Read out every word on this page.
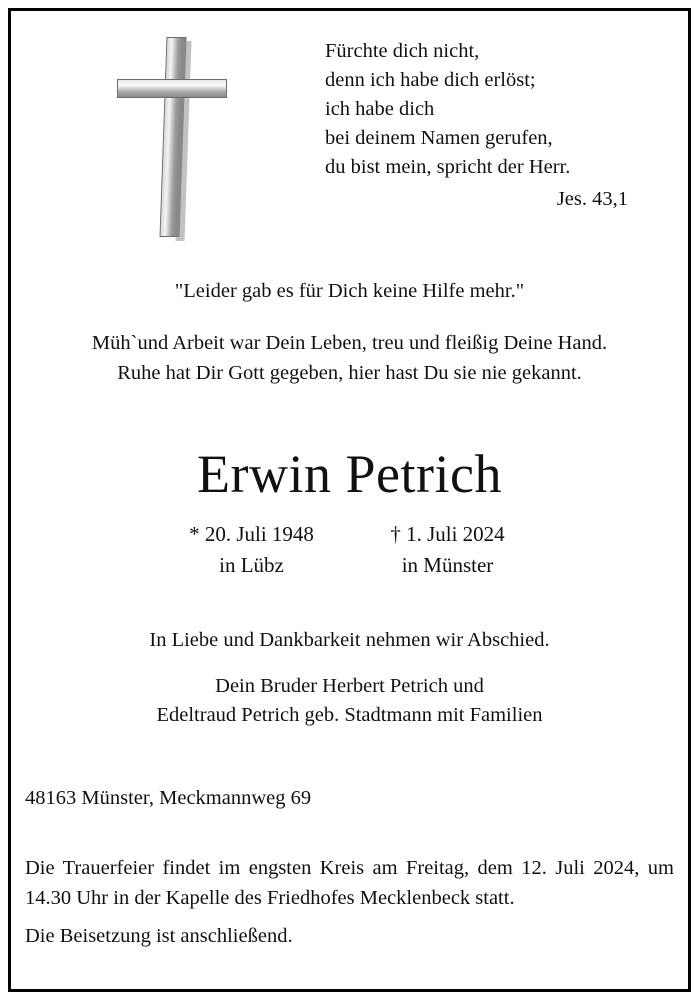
Fürchte dich nicht,
denn ich habe dich erlöst;
ich habe dich
bei deinem Namen gerufen,
du bist mein, spricht der Herr.
Jes. 43,1
"Leider gab es für Dich keine Hilfe mehr."
Müh`und Arbeit war Dein Leben, treu und fleißig Deine Hand.
Ruhe hat Dir Gott gegeben, hier hast Du sie nie gekannt.
Erwin Petrich
* 20. Juli 1948
in Lübz
† 1. Juli 2024
in Münster
In Liebe und Dankbarkeit nehmen wir Abschied.
Dein Bruder Herbert Petrich und
Edeltraud Petrich geb. Stadtmann mit Familien
48163 Münster, Meckmannweg 69

Die Trauerfeier findet im engsten Kreis am Freitag, dem 12. Juli 2024, um 14.30 Uhr in der Kapelle des Friedhofes Mecklenbeck statt.

Die Beisetzung ist anschließend.
